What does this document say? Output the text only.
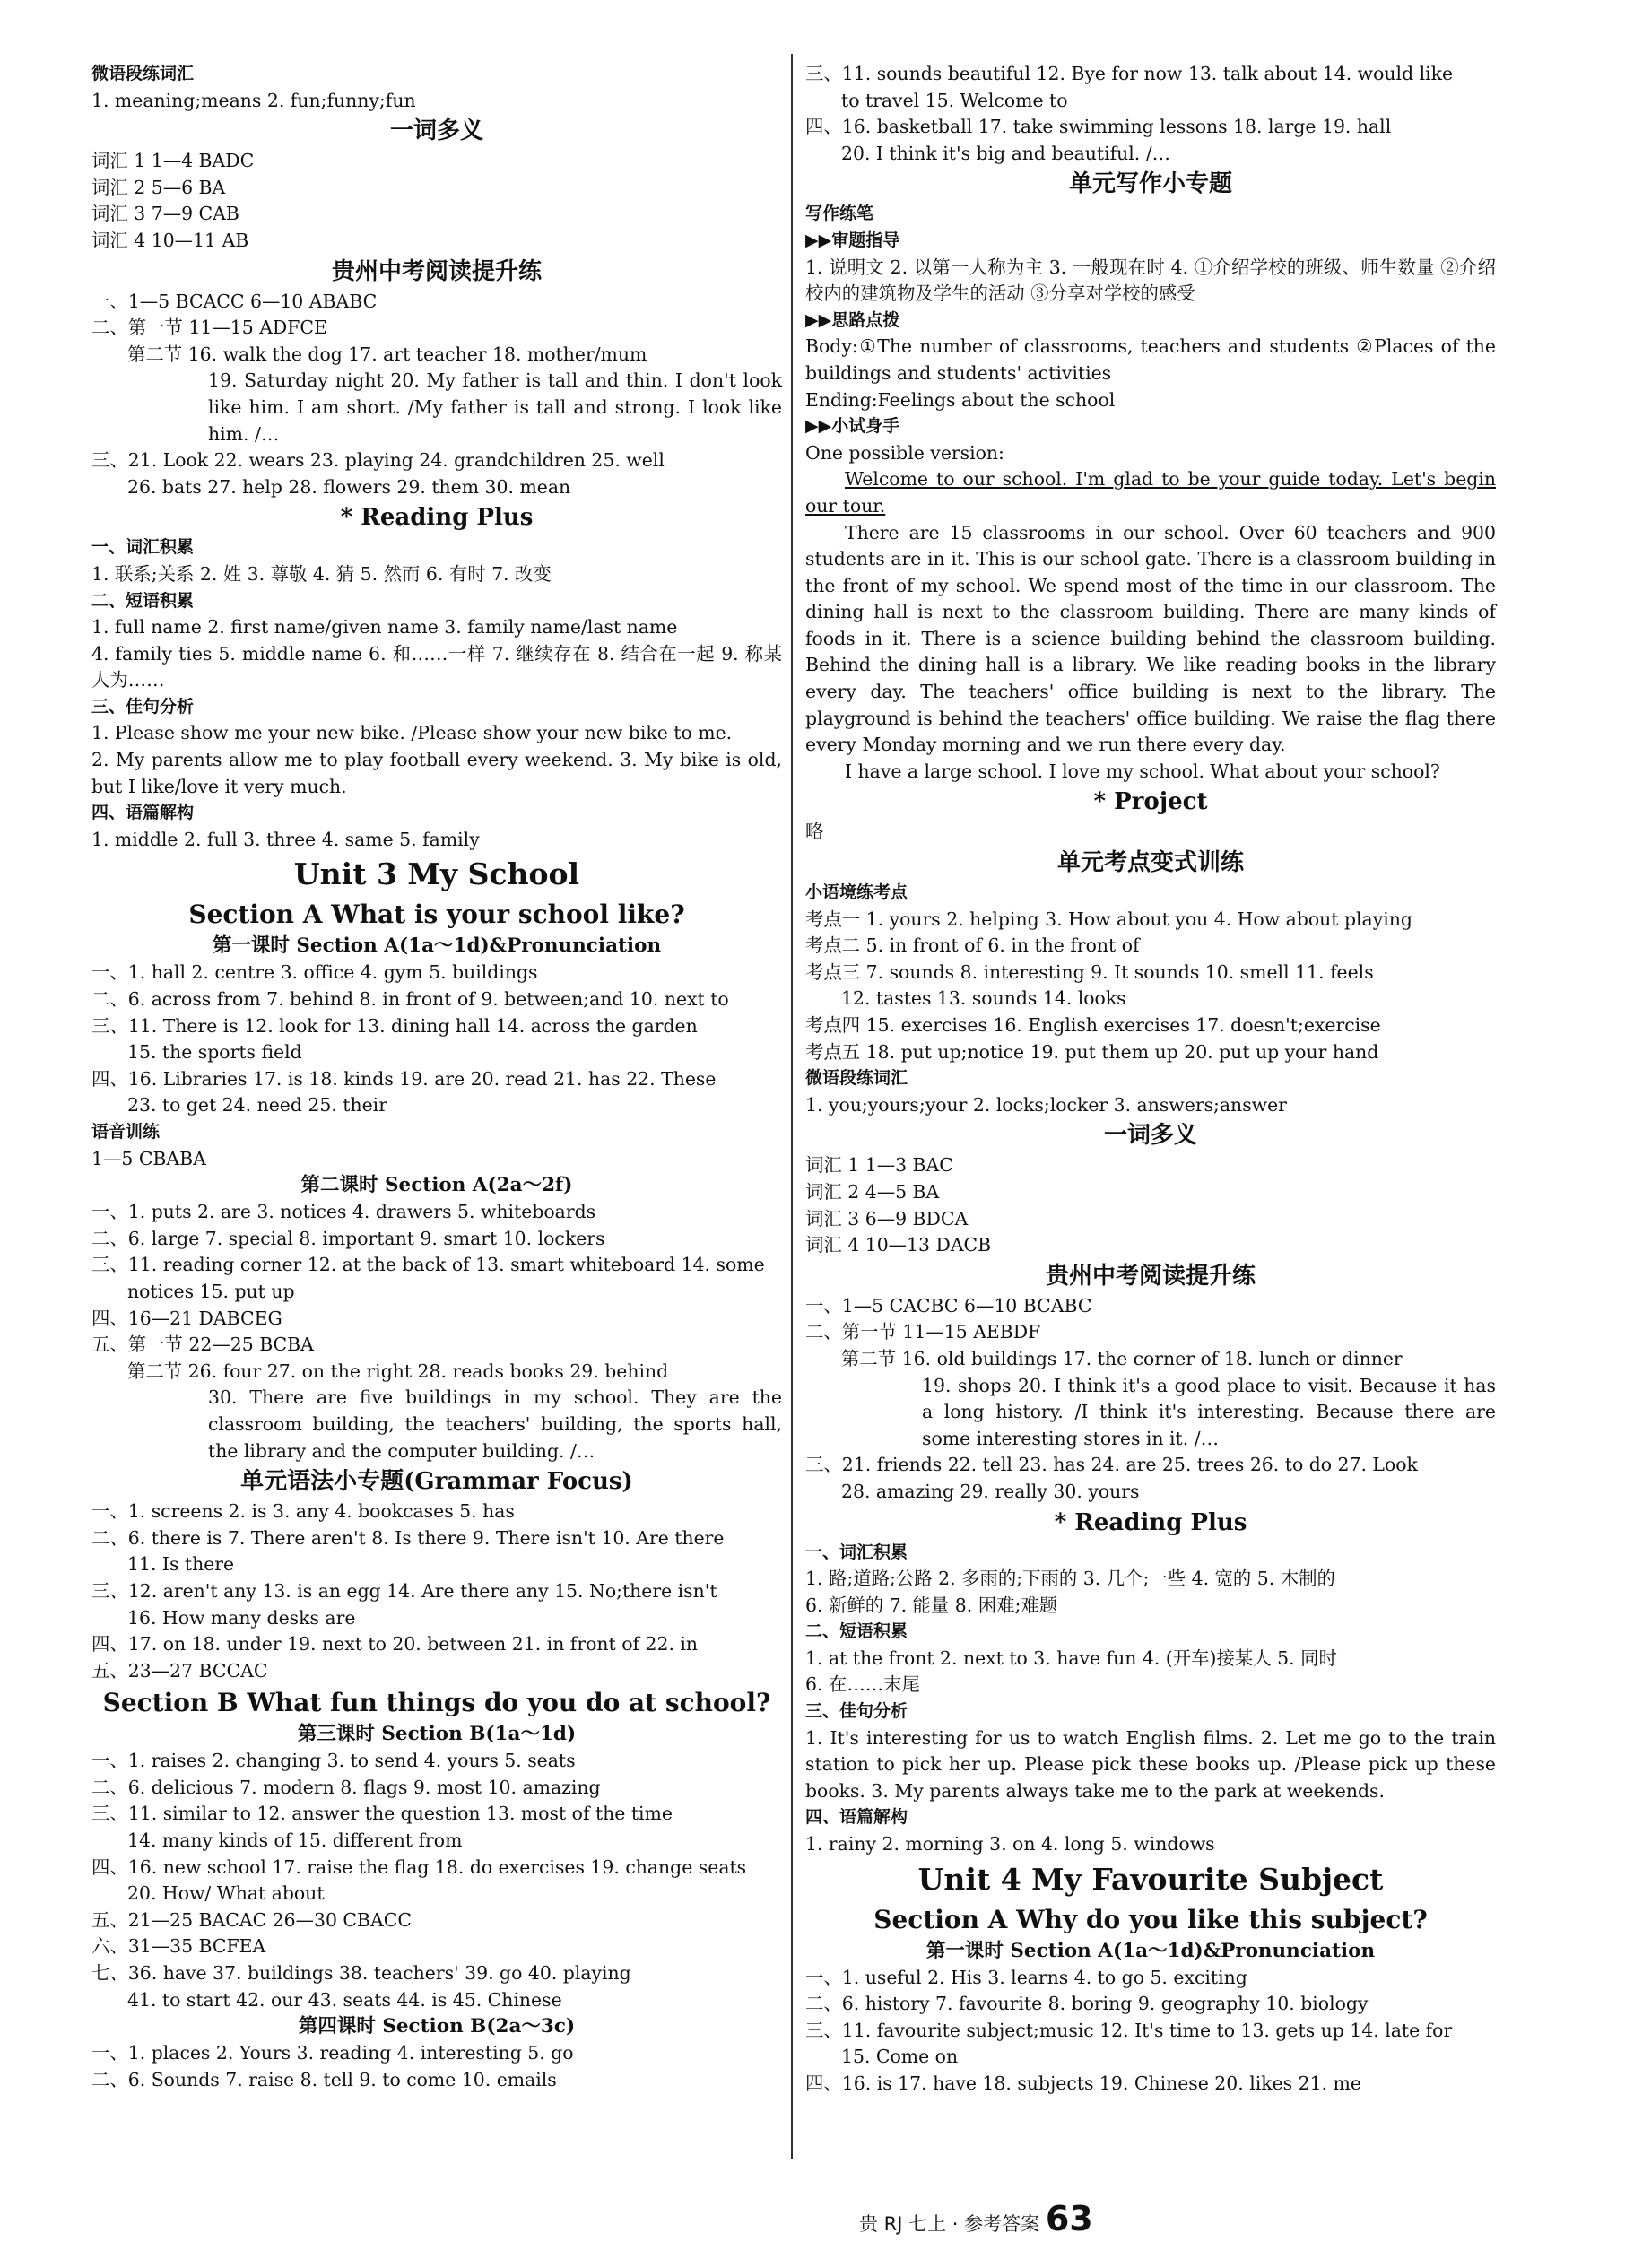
微语段练词汇
1. meaning;means 2. fun;funny;fun
一词多义
词汇 1 1—4 BADC
词汇 2 5—6 BA
词汇 3 7—9 CAB
词汇 4 10—11 AB
贵州中考阅读提升练
一、1—5 BCACC 6—10 ABABC
二、第一节 11—15 ADFCE
第二节 16. walk the dog 17. art teacher 18. mother/mum
19. Saturday night 20. My father is tall and thin. I don't look like him. I am short. /My father is tall and strong. I look like him. /…
三、21. Look 22. wears 23. playing 24. grandchildren 25. well
26. bats 27. help 28. flowers 29. them 30. mean
* Reading Plus
一、词汇积累
1. 联系;关系 2. 姓 3. 尊敬 4. 猜 5. 然而 6. 有时 7. 改变
二、短语积累
1. full name 2. first name/given name 3. family name/last name
4. family ties 5. middle name 6. 和……一样 7. 继续存在 8. 结合在一起 9. 称某人为……
三、佳句分析
1. Please show me your new bike. /Please show your new bike to me.
2. My parents allow me to play football every weekend. 3. My bike is old, but I like/love it very much.
四、语篇解构
1. middle 2. full 3. three 4. same 5. family
Unit 3 My School
Section A What is your school like?
第一课时 Section A(1a～1d)&Pronunciation
一、1. hall 2. centre 3. office 4. gym 5. buildings
二、6. across from 7. behind 8. in front of 9. between;and 10. next to
三、11. There is 12. look for 13. dining hall 14. across the garden
15. the sports field
四、16. Libraries 17. is 18. kinds 19. are 20. read 21. has 22. These
23. to get 24. need 25. their
语音训练
1—5 CBABA
第二课时 Section A(2a～2f)
一、1. puts 2. are 3. notices 4. drawers 5. whiteboards
二、6. large 7. special 8. important 9. smart 10. lockers
三、11. reading corner 12. at the back of 13. smart whiteboard 14. some
notices 15. put up
四、16—21 DABCEG
五、第一节 22—25 BCBA
第二节 26. four 27. on the right 28. reads books 29. behind
30. There are five buildings in my school. They are the classroom building, the teachers' building, the sports hall, the library and the computer building. /…
单元语法小专题(Grammar Focus)
一、1. screens 2. is 3. any 4. bookcases 5. has
二、6. there is 7. There aren't 8. Is there 9. There isn't 10. Are there
11. Is there
三、12. aren't any 13. is an egg 14. Are there any 15. No;there isn't
16. How many desks are
四、17. on 18. under 19. next to 20. between 21. in front of 22. in
五、23—27 BCCAC
Section B What fun things do you do at school?
第三课时 Section B(1a～1d)
一、1. raises 2. changing 3. to send 4. yours 5. seats
二、6. delicious 7. modern 8. flags 9. most 10. amazing
三、11. similar to 12. answer the question 13. most of the time
14. many kinds of 15. different from
四、16. new school 17. raise the flag 18. do exercises 19. change seats
20. How/ What about
五、21—25 BACAC 26—30 CBACC
六、31—35 BCFEA
七、36. have 37. buildings 38. teachers' 39. go 40. playing
41. to start 42. our 43. seats 44. is 45. Chinese
第四课时 Section B(2a～3c)
一、1. places 2. Yours 3. reading 4. interesting 5. go
二、6. Sounds 7. raise 8. tell 9. to come 10. emails
三、11. sounds beautiful 12. Bye for now 13. talk about 14. would like
to travel 15. Welcome to
四、16. basketball 17. take swimming lessons 18. large 19. hall
20. I think it's big and beautiful. /…
单元写作小专题
写作练笔
▶▶审题指导
1. 说明文 2. 以第一人称为主 3. 一般现在时 4. ①介绍学校的班级、师生数量 ②介绍校内的建筑物及学生的活动 ③分享对学校的感受
▶▶思路点拨
Body:①The number of classrooms, teachers and students ②Places of the buildings and students' activities
Ending:Feelings about the school
▶▶小试身手
One possible version:
Welcome to our school. I'm glad to be your guide today. Let's begin our tour.
There are 15 classrooms in our school. Over 60 teachers and 900 students are in it. This is our school gate. There is a classroom building in the front of my school. We spend most of the time in our classroom. The dining hall is next to the classroom building. There are many kinds of foods in it. There is a science building behind the classroom building. Behind the dining hall is a library. We like reading books in the library every day. The teachers' office building is next to the library. The playground is behind the teachers' office building. We raise the flag there every Monday morning and we run there every day.
I have a large school. I love my school. What about your school?
* Project
略
单元考点变式训练
小语境练考点
考点一 1. yours 2. helping 3. How about you 4. How about playing
考点二 5. in front of 6. in the front of
考点三 7. sounds 8. interesting 9. It sounds 10. smell 11. feels
12. tastes 13. sounds 14. looks
考点四 15. exercises 16. English exercises 17. doesn't;exercise
考点五 18. put up;notice 19. put them up 20. put up your hand
微语段练词汇
1. you;yours;your 2. locks;locker 3. answers;answer
一词多义
词汇 1 1—3 BAC
词汇 2 4—5 BA
词汇 3 6—9 BDCA
词汇 4 10—13 DACB
贵州中考阅读提升练
一、1—5 CACBC 6—10 BCABC
二、第一节 11—15 AEBDF
第二节 16. old buildings 17. the corner of 18. lunch or dinner
19. shops 20. I think it's a good place to visit. Because it has a long history. /I think it's interesting. Because there are some interesting stores in it. /…
三、21. friends 22. tell 23. has 24. are 25. trees 26. to do 27. Look
28. amazing 29. really 30. yours
* Reading Plus
一、词汇积累
1. 路;道路;公路 2. 多雨的;下雨的 3. 几个;一些 4. 宽的 5. 木制的
6. 新鲜的 7. 能量 8. 困难;难题
二、短语积累
1. at the front 2. next to 3. have fun 4. (开车)接某人 5. 同时
6. 在……末尾
三、佳句分析
1. It's interesting for us to watch English films. 2. Let me go to the train station to pick her up. Please pick these books up. /Please pick up these books. 3. My parents always take me to the park at weekends.
四、语篇解构
1. rainy 2. morning 3. on 4. long 5. windows
Unit 4 My Favourite Subject
Section A Why do you like this subject?
第一课时 Section A(1a～1d)&Pronunciation
一、1. useful 2. His 3. learns 4. to go 5. exciting
二、6. history 7. favourite 8. boring 9. geography 10. biology
三、11. favourite subject;music 12. It's time to 13. gets up 14. late for
15. Come on
四、16. is 17. have 18. subjects 19. Chinese 20. likes 21. me
贵 RJ 七上 · 参考答案 63
